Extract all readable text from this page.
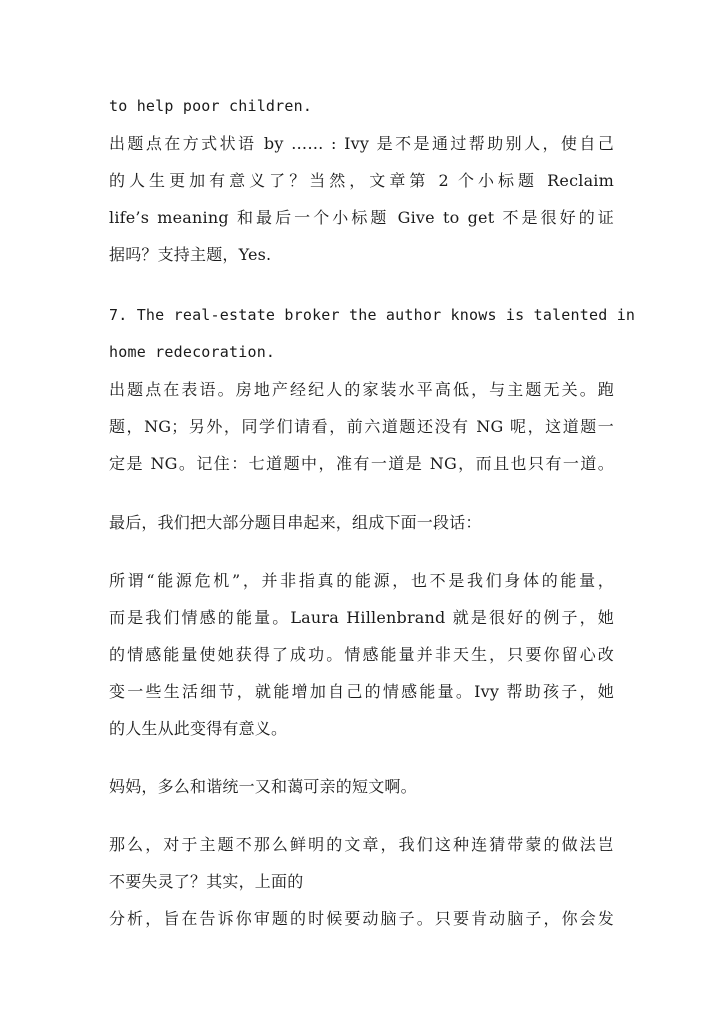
to help poor children.
出题点在方式状语 by …… : Ivy 是不是通过帮助别人，使自己
的人生更加有意义了？当然，文章第 2 个小标题 Reclaim
life’s meaning 和最后一个小标题 Give to get 不是很好的证
据吗？支持主题，Yes.
7. The real-estate broker the author knows is talented in
home redecoration.
出题点在表语。房地产经纪人的家装水平高低，与主题无关。跑
题，NG；另外，同学们请看，前六道题还没有 NG 呢，这道题一
定是 NG。记住：七道题中，准有一道是 NG，而且也只有一道。
最后，我们把大部分题目串起来，组成下面一段话：
所谓“能源危机”，并非指真的能源，也不是我们身体的能量，
而是我们情感的能量。Laura Hillenbrand 就是很好的例子，她
的情感能量使她获得了成功。情感能量并非天生，只要你留心改
变一些生活细节，就能增加自己的情感能量。Ivy 帮助孩子，她
的人生从此变得有意义。
妈妈，多么和谐统一又和蔼可亲的短文啊。
那么，对于主题不那么鲜明的文章，我们这种连猜带蒙的做法岂
不要失灵了？其实，上面的
分析，旨在告诉你审题的时候要动脑子。只要肯动脑子，你会发
